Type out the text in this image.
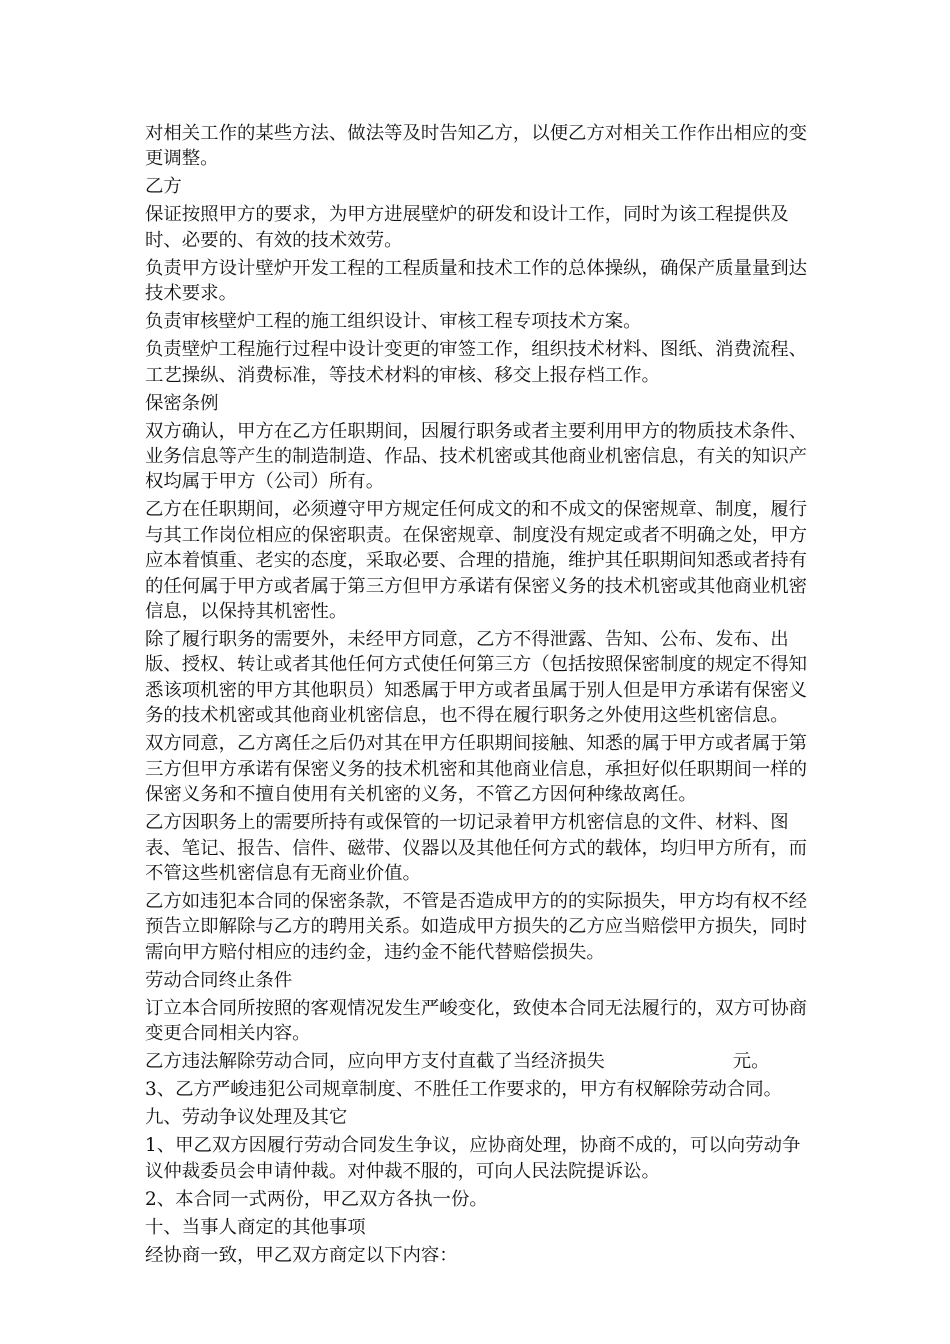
对相关工作的某些方法、做法等及时告知乙方，以便乙方对相关工作作出相应的变更调整。

乙方

保证按照甲方的要求，为甲方进展壁炉的研发和设计工作，同时为该工程提供及时、必要的、有效的技术效劳。

负责甲方设计壁炉开发工程的工程质量和技术工作的总体操纵，确保产质量量到达技术要求。

负责审核壁炉工程的施工组织设计、审核工程专项技术方案。

负责壁炉工程施行过程中设计变更的审签工作，组织技术材料、图纸、消费流程、工艺操纵、消费标准，等技术材料的审核、移交上报存档工作。

保密条例

双方确认，甲方在乙方任职期间，因履行职务或者主要利用甲方的物质技术条件、业务信息等产生的制造制造、作品、技术机密或其他商业机密信息，有关的知识产权均属于甲方（公司）所有。

乙方在任职期间，必须遵守甲方规定任何成文的和不成文的保密规章、制度，履行与其工作岗位相应的保密职责。在保密规章、制度没有规定或者不明确之处，甲方应本着慎重、老实的态度，采取必要、合理的措施，维护其任职期间知悉或者持有的任何属于甲方或者属于第三方但甲方承诺有保密义务的技术机密或其他商业机密信息，以保持其机密性。

除了履行职务的需要外，未经甲方同意，乙方不得泄露、告知、公布、发布、出版、授权、转让或者其他任何方式使任何第三方（包括按照保密制度的规定不得知悉该项机密的甲方其他职员）知悉属于甲方或者虽属于别人但是甲方承诺有保密义务的技术机密或其他商业机密信息，也不得在履行职务之外使用这些机密信息。

双方同意，乙方离任之后仍对其在甲方任职期间接触、知悉的属于甲方或者属于第三方但甲方承诺有保密义务的技术机密和其他商业信息，承担好似任职期间一样的保密义务和不擅自使用有关机密的义务，不管乙方因何种缘故离任。

乙方因职务上的需要所持有或保管的一切记录着甲方机密信息的文件、材料、图表、笔记、报告、信件、磁带、仪器以及其他任何方式的载体，均归甲方所有，而不管这些机密信息有无商业价值。

乙方如违犯本合同的保密条款，不管是否造成甲方的的实际损失，甲方均有权不经预告立即解除与乙方的聘用关系。如造成甲方损失的乙方应当赔偿甲方损失，同时需向甲方赔付相应的违约金，违约金不能代替赔偿损失。

劳动合同终止条件

订立本合同所按照的客观情况发生严峻变化，致使本合同无法履行的，双方可协商变更合同相关内容。

乙方违法解除劳动合同，应向甲方支付直截了当经济损失	元。

3、乙方严峻违犯公司规章制度、不胜任工作要求的，甲方有权解除劳动合同。

九、劳动争议处理及其它

1、甲乙双方因履行劳动合同发生争议，应协商处理，协商不成的，可以向劳动争议仲裁委员会申请仲裁。对仲裁不服的，可向人民法院提诉讼。

2、本合同一式两份，甲乙双方各执一份。

十、当事人商定的其他事项

经协商一致，甲乙双方商定以下内容：
